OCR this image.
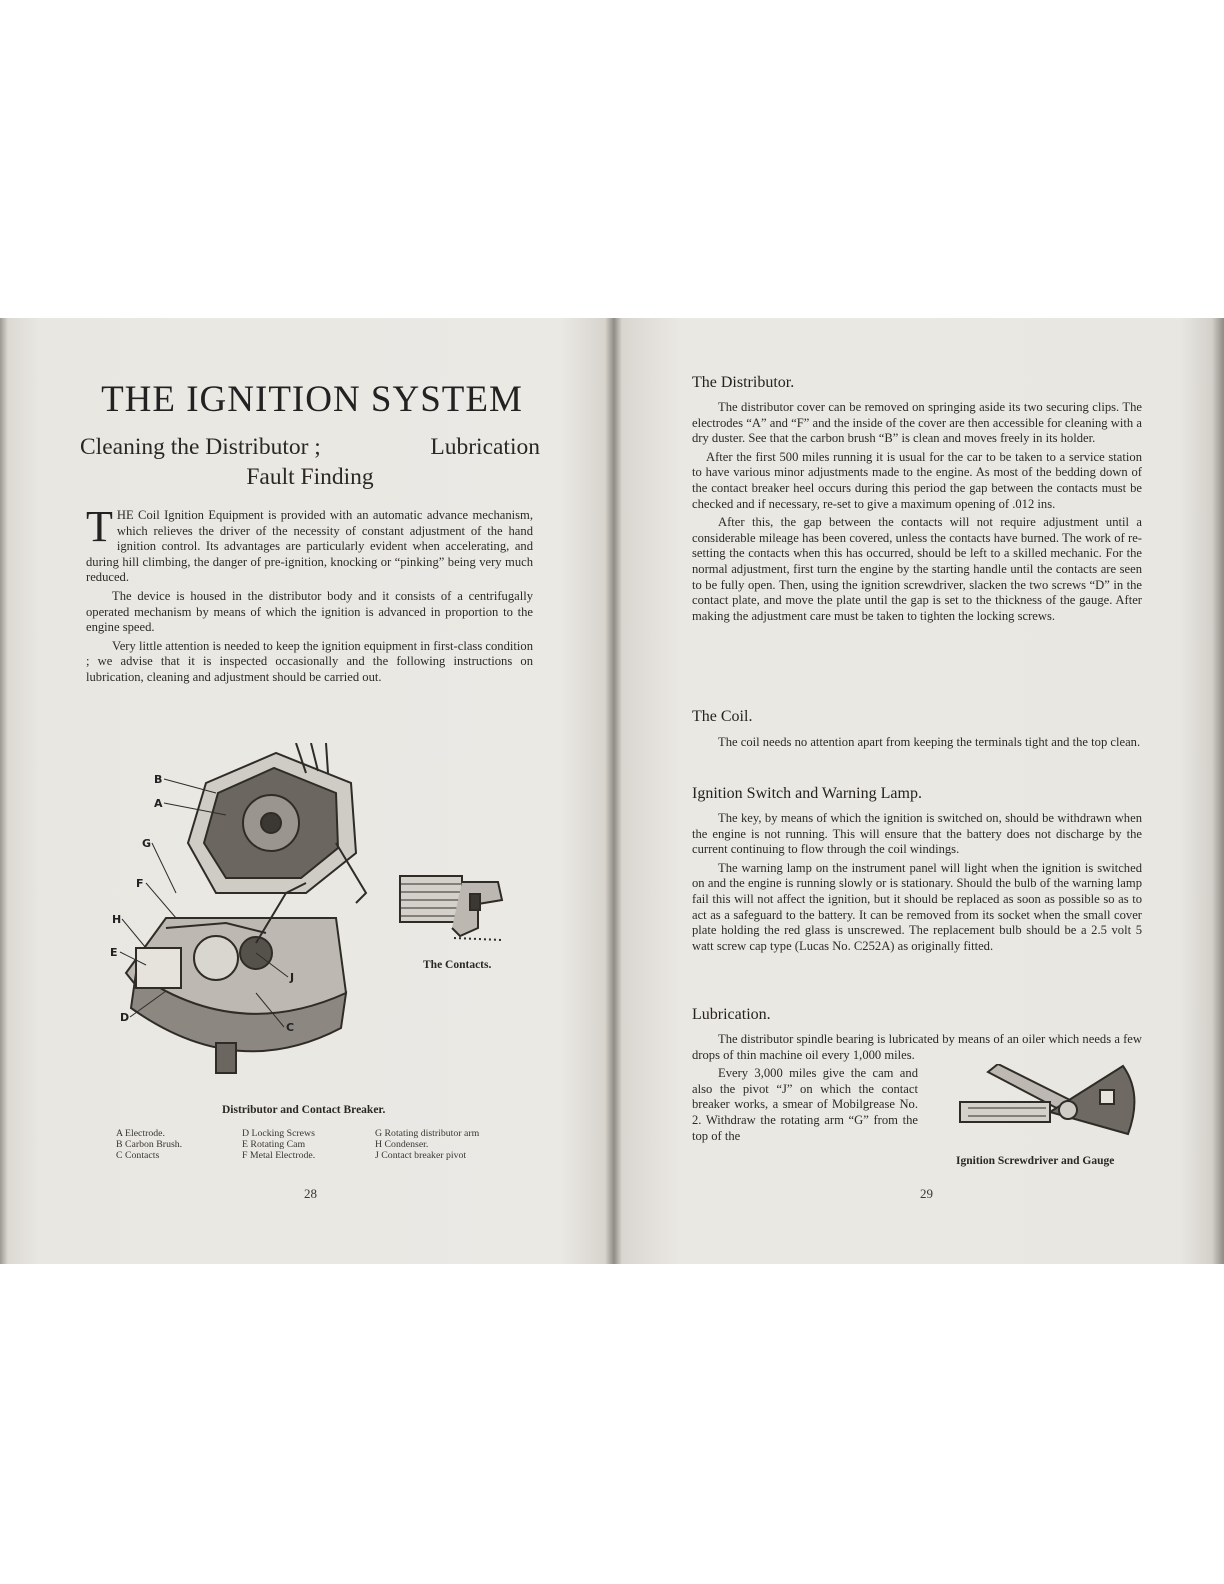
THE IGNITION SYSTEM
Cleaning the Distributor ;	Lubrication
Fault Finding

THE Coil Ignition Equipment is provided with an automatic advance mechanism, which relieves the driver of the necessity of constant adjustment of the hand ignition control. Its advantages are particularly evident when accelerating, and during hill climbing, the danger of pre-ignition, knocking or “pinking” being very much reduced.

The device is housed in the distributor body and it consists of a centrifugally operated mechanism by means of which the ignition is advanced in proportion to the engine speed.

Very little attention is needed to keep the ignition equipment in first-class condition ; we advise that it is inspected occasionally and the following instructions on lubrication, cleaning and adjustment should be carried out.

B
A
G
F
H
E
D
J
C
The Contacts.
Distributor and Contact Breaker.
A Electrode.
B Carbon Brush.
C Contacts
D Locking Screws
E Rotating Cam
F Metal Electrode.
G Rotating distributor arm
H Condenser.
J Contact breaker pivot
28
The Distributor.

The distributor cover can be removed on springing aside its two securing clips. The electrodes “A” and “F” and the inside of the cover are then accessible for cleaning with a dry duster. See that the carbon brush “B” is clean and moves freely in its holder.

After the first 500 miles running it is usual for the car to be taken to a service station to have various minor adjustments made to the engine. As most of the bedding down of the contact breaker heel occurs during this period the gap between the contacts must be checked and if necessary, re-set to give a maximum opening of .012 ins.

After this, the gap between the contacts will not require adjustment until a considerable mileage has been covered, unless the contacts have burned. The work of re-setting the contacts when this has occurred, should be left to a skilled mechanic. For the normal adjustment, first turn the engine by the starting handle until the contacts are seen to be fully open. Then, using the ignition screwdriver, slacken the two screws “D” in the contact plate, and move the plate until the gap is set to the thickness of the gauge. After making the adjustment care must be taken to tighten the locking screws.

The Coil.

The coil needs no attention apart from keeping the terminals tight and the top clean.

Ignition Switch and Warning Lamp.

The key, by means of which the ignition is switched on, should be withdrawn when the engine is not running. This will ensure that the battery does not discharge by the current continuing to flow through the coil windings.

The warning lamp on the instrument panel will light when the ignition is switched on and the engine is running slowly or is stationary. Should the bulb of the warning lamp fail this will not affect the ignition, but it should be replaced as soon as possible so as to act as a safeguard to the battery. It can be removed from its socket when the small cover plate holding the red glass is unscrewed. The replacement bulb should be a 2.5 volt 5 watt screw cap type (Lucas No. C252A) as originally fitted.

Lubrication.

The distributor spindle bearing is lubricated by means of an oiler which needs a few drops of thin machine oil every 1,000 miles.

Every 3,000 miles give the cam and also the pivot “J” on which the contact breaker works, a smear of Mobilgrease No. 2. Withdraw the rotating arm “G” from the top of the

Ignition Screwdriver and Gauge
29
